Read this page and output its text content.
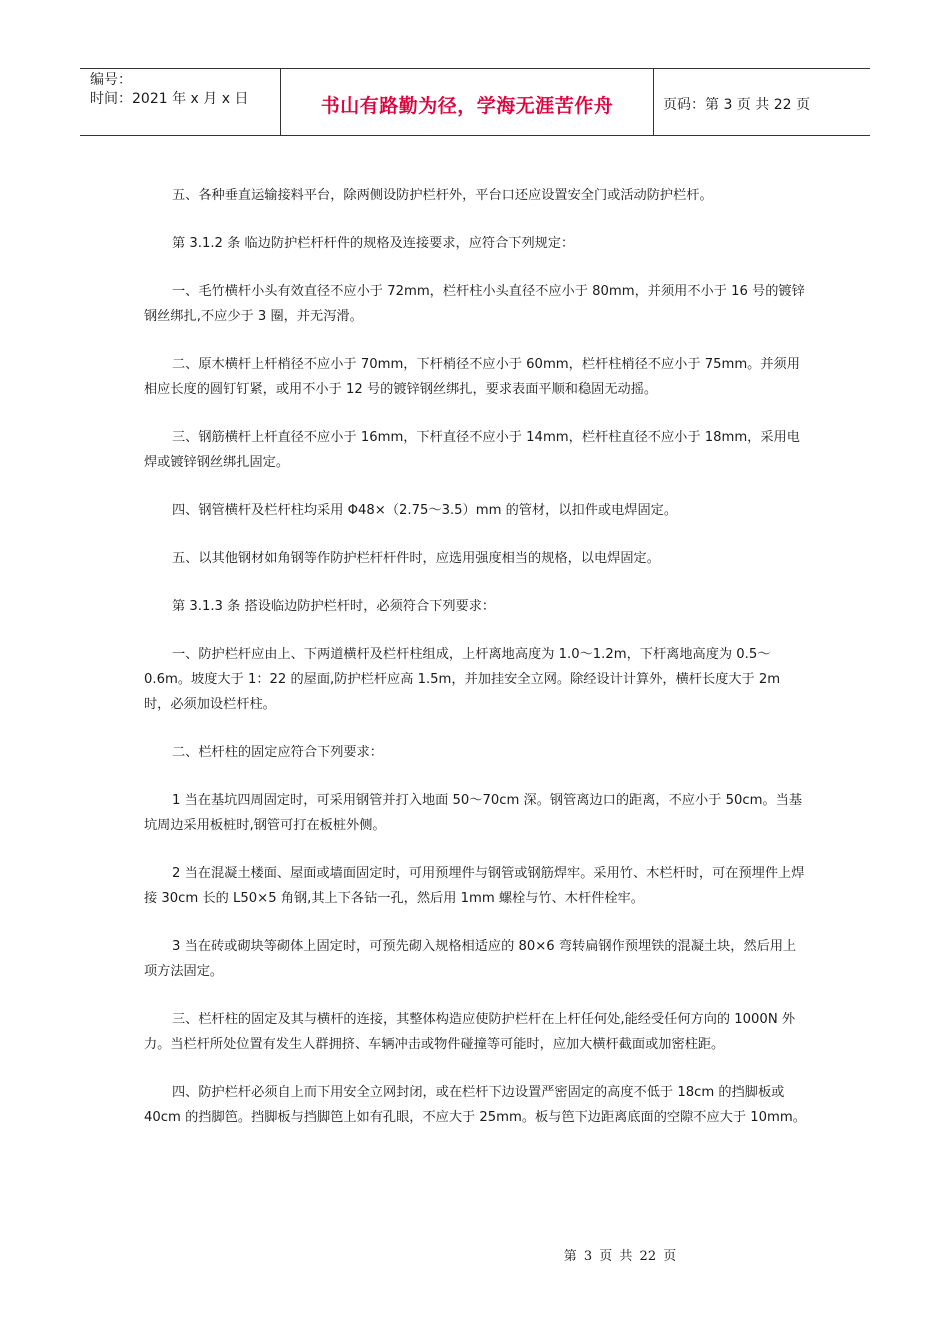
编号：
时间：2021 年 x 月 x 日	书山有路勤为径，学海无涯苦作舟	页码：第 3 页 共 22 页

五、各种垂直运输接料平台，除两侧设防护栏杆外，平台口还应设置安全门或活动防护栏杆。

第 3.1.2 条 临边防护栏杆杆件的规格及连接要求，应符合下列规定：

一、毛竹横杆小头有效直径不应小于 72mm，栏杆柱小头直径不应小于 80mm，并须用不小于 16 号的镀锌钢丝绑扎,不应少于 3 圈，并无泻滑。

二、原木横杆上杆梢径不应小于 70mm，下杆梢径不应小于 60mm，栏杆柱梢径不应小于 75mm。并须用相应长度的圆钉钉紧，或用不小于 12 号的镀锌钢丝绑扎，要求表面平顺和稳固无动摇。

三、钢筋横杆上杆直径不应小于 16mm，下杆直径不应小于 14mm，栏杆柱直径不应小于 18mm，采用电焊或镀锌钢丝绑扎固定。

四、钢管横杆及栏杆柱均采用 Φ48×（2.75～3.5）mm 的管材，以扣件或电焊固定。

五、以其他钢材如角钢等作防护栏杆杆件时，应选用强度相当的规格，以电焊固定。

第 3.1.3 条 搭设临边防护栏杆时，必须符合下列要求：

一、防护栏杆应由上、下两道横杆及栏杆柱组成，上杆离地高度为 1.0～1.2m，下杆离地高度为 0.5～0.6m。坡度大于 1：22 的屋面,防护栏杆应高 1.5m，并加挂安全立网。除经设计计算外，横杆长度大于 2m 时，必须加设栏杆柱。

二、栏杆柱的固定应符合下列要求：

1 当在基坑四周固定时，可采用钢管并打入地面 50～70cm 深。钢管离边口的距离，不应小于 50cm。当基坑周边采用板桩时,钢管可打在板桩外侧。

2 当在混凝土楼面、屋面或墙面固定时，可用预埋件与钢管或钢筋焊牢。采用竹、木栏杆时，可在预埋件上焊接 30cm 长的 L50×5 角钢,其上下各钻一孔，然后用 1mm 螺栓与竹、木杆件栓牢。

3 当在砖或砌块等砌体上固定时，可预先砌入规格相适应的 80×6 弯转扁钢作预埋铁的混凝土块，然后用上项方法固定。

三、栏杆柱的固定及其与横杆的连接，其整体构造应使防护栏杆在上杆任何处,能经受任何方向的 1000N 外力。当栏杆所处位置有发生人群拥挤、车辆冲击或物件碰撞等可能时，应加大横杆截面或加密柱距。

四、防护栏杆必须自上而下用安全立网封闭，或在栏杆下边设置严密固定的高度不低于 18cm 的挡脚板或 40cm 的挡脚笆。挡脚板与挡脚笆上如有孔眼，不应大于 25mm。板与笆下边距离底面的空隙不应大于 10mm。

第 3 页 共 22 页
